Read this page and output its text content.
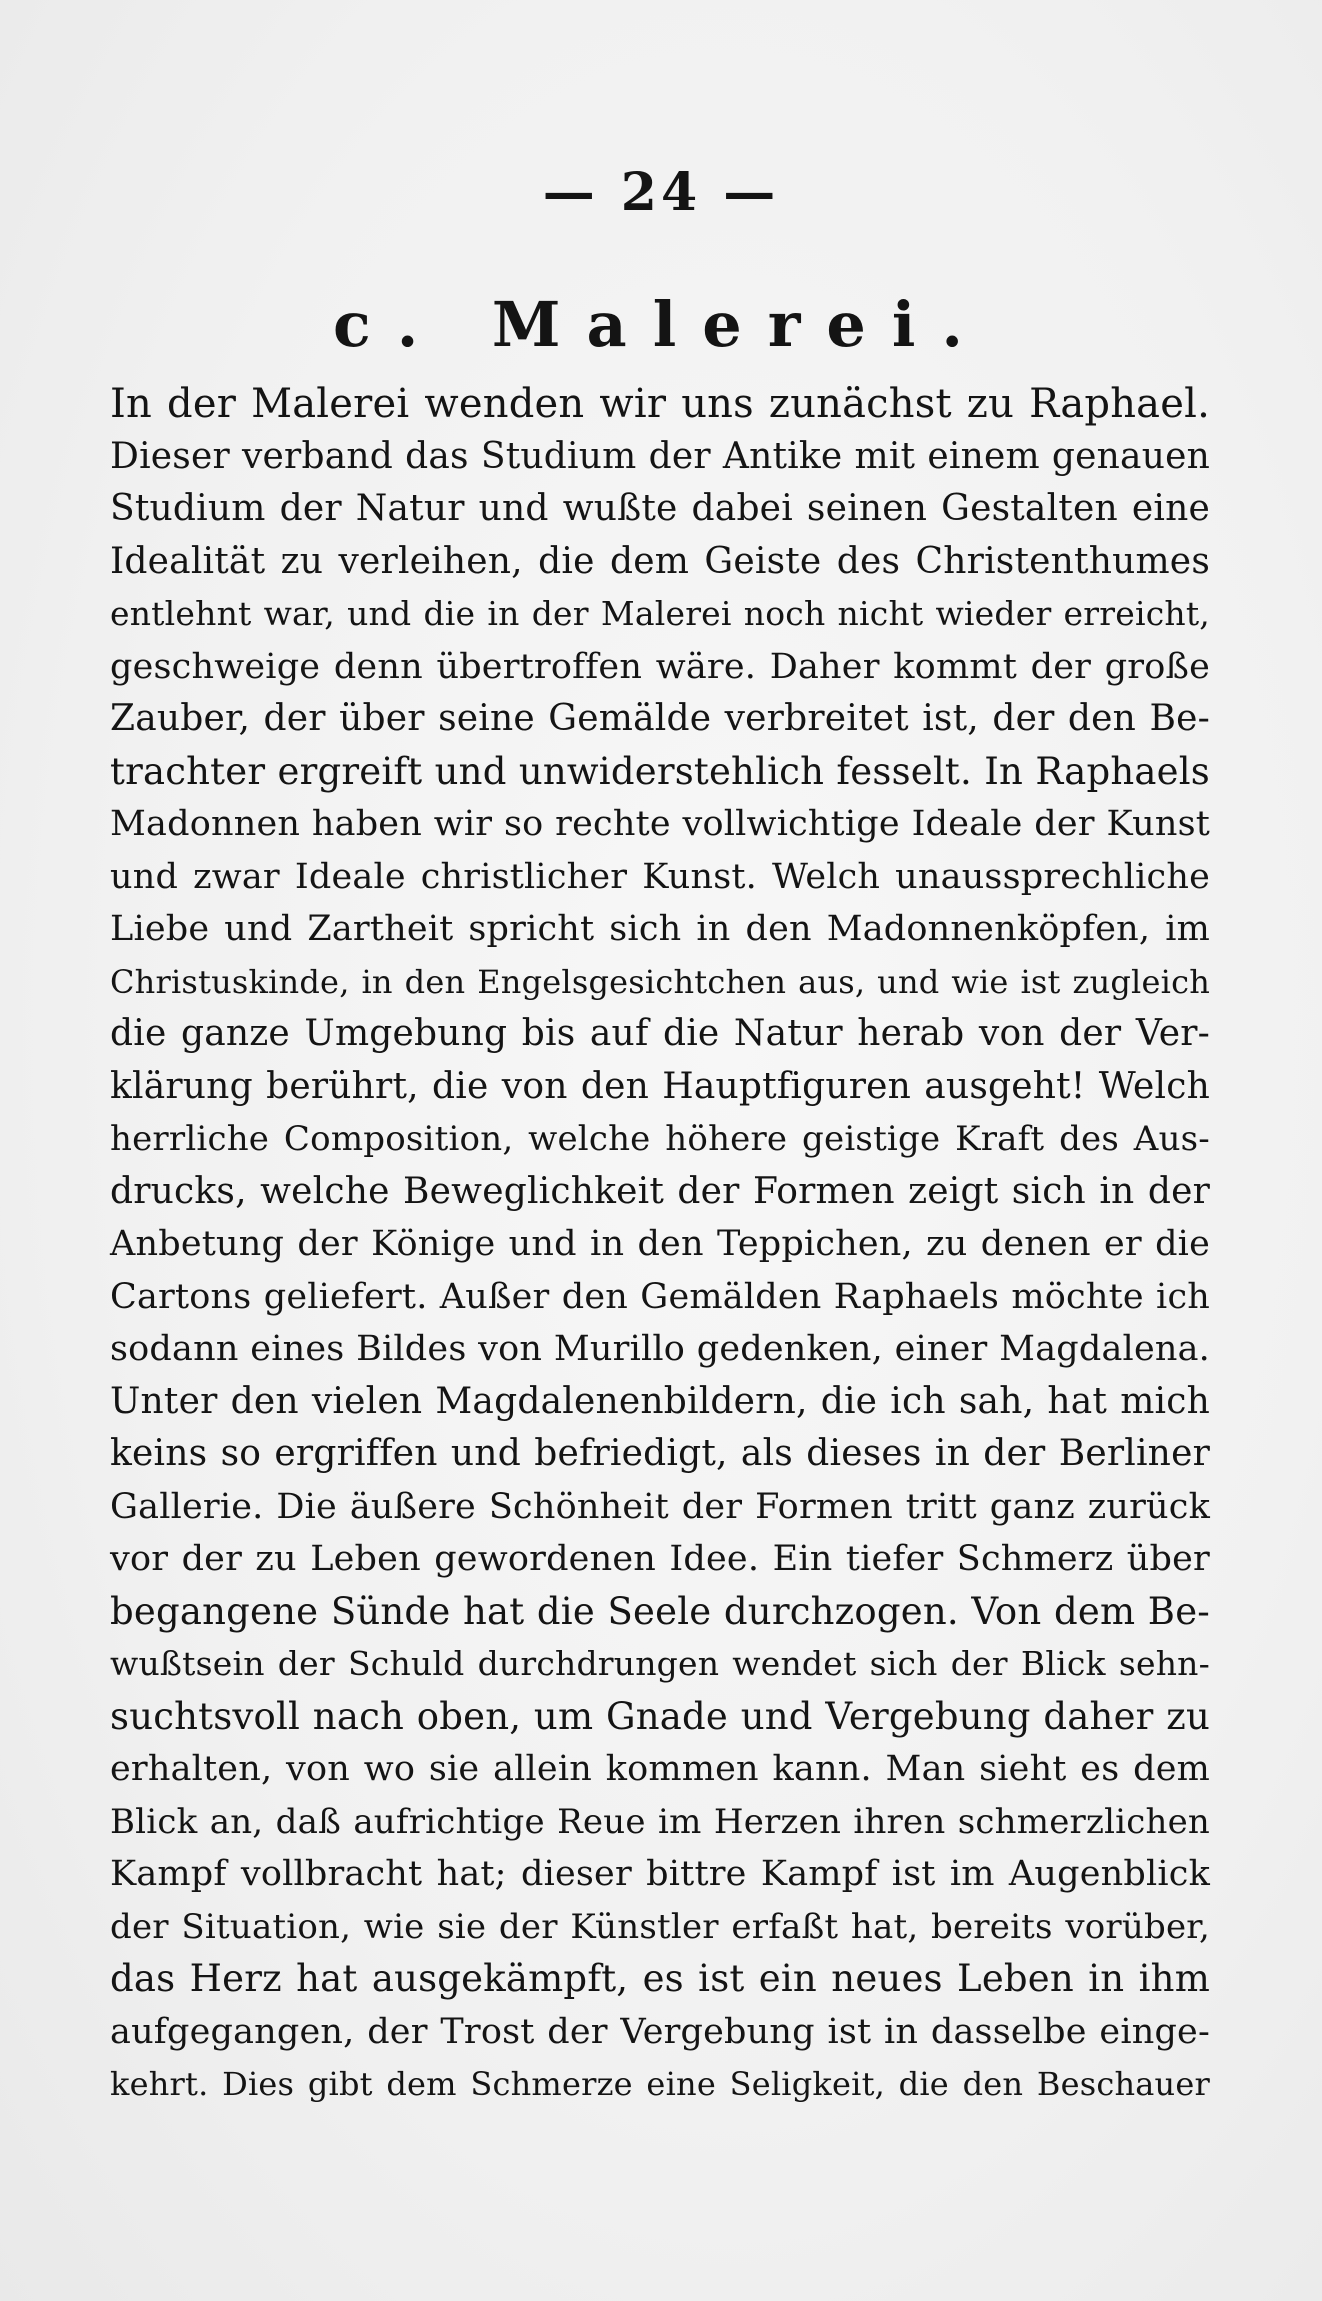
— 24 —
c. Malerei.
In der Malerei wenden wir uns zunächst zu Raphael.
Dieser verband das Studium der Antike mit einem genauen
Studium der Natur und wußte dabei seinen Gestalten eine
Idealität zu verleihen, die dem Geiste des Christenthumes
entlehnt war, und die in der Malerei noch nicht wieder erreicht,
geschweige denn übertroffen wäre. Daher kommt der große
Zauber, der über seine Gemälde verbreitet ist, der den Be-
trachter ergreift und unwiderstehlich fesselt. In Raphaels
Madonnen haben wir so rechte vollwichtige Ideale der Kunst
und zwar Ideale christlicher Kunst. Welch unaussprechliche
Liebe und Zartheit spricht sich in den Madonnenköpfen, im
Christuskinde, in den Engelsgesichtchen aus, und wie ist zugleich
die ganze Umgebung bis auf die Natur herab von der Ver-
klärung berührt, die von den Hauptfiguren ausgeht! Welch
herrliche Composition, welche höhere geistige Kraft des Aus-
drucks, welche Beweglichkeit der Formen zeigt sich in der
Anbetung der Könige und in den Teppichen, zu denen er die
Cartons geliefert. Außer den Gemälden Raphaels möchte ich
sodann eines Bildes von Murillo gedenken, einer Magdalena.
Unter den vielen Magdalenenbildern, die ich sah, hat mich
keins so ergriffen und befriedigt, als dieses in der Berliner
Gallerie. Die äußere Schönheit der Formen tritt ganz zurück
vor der zu Leben gewordenen Idee. Ein tiefer Schmerz über
begangene Sünde hat die Seele durchzogen. Von dem Be-
wußtsein der Schuld durchdrungen wendet sich der Blick sehn-
suchtsvoll nach oben, um Gnade und Vergebung daher zu
erhalten, von wo sie allein kommen kann. Man sieht es dem
Blick an, daß aufrichtige Reue im Herzen ihren schmerzlichen
Kampf vollbracht hat; dieser bittre Kampf ist im Augenblick
der Situation, wie sie der Künstler erfaßt hat, bereits vorüber,
das Herz hat ausgekämpft, es ist ein neues Leben in ihm
aufgegangen, der Trost der Vergebung ist in dasselbe einge-
kehrt. Dies gibt dem Schmerze eine Seligkeit, die den Beschauer
